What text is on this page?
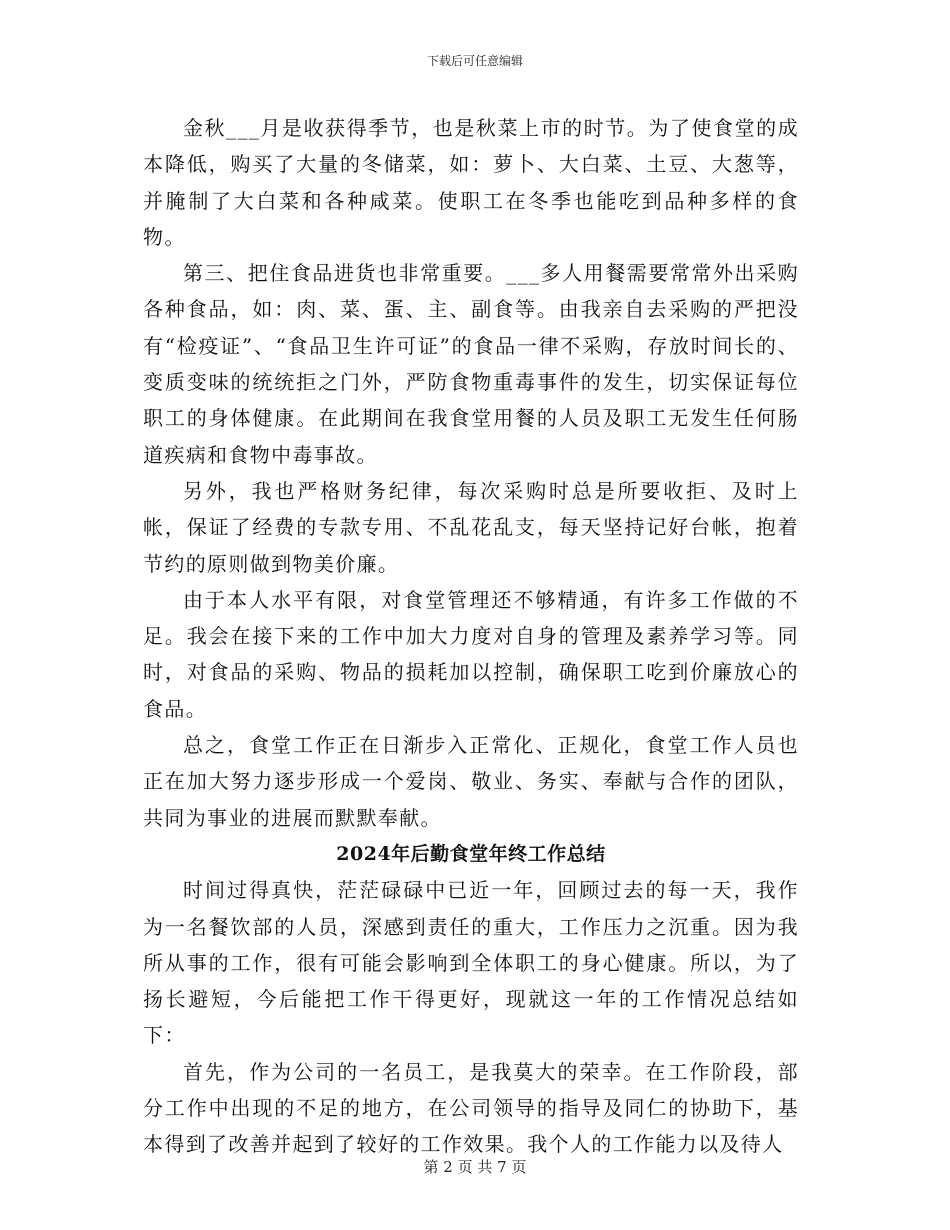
下载后可任意编辑

金秋___月是收获得季节，也是秋菜上市的时节。为了使食堂的成本降低，购买了大量的冬储菜，如：萝卜、大白菜、土豆、大葱等，并腌制了大白菜和各种咸菜。使职工在冬季也能吃到品种多样的食物。

第三、把住食品进货也非常重要。___多人用餐需要常常外出采购各种食品，如：肉、菜、蛋、主、副食等。由我亲自去采购的严把没有“检疫证”、“食品卫生许可证”的食品一律不采购，存放时间长的、变质变味的统统拒之门外，严防食物重毒事件的发生，切实保证每位职工的身体健康。在此期间在我食堂用餐的人员及职工无发生任何肠道疾病和食物中毒事故。

另外，我也严格财务纪律，每次采购时总是所要收拒、及时上帐，保证了经费的专款专用、不乱花乱支，每天坚持记好台帐，抱着节约的原则做到物美价廉。

由于本人水平有限，对食堂管理还不够精通，有许多工作做的不足。我会在接下来的工作中加大力度对自身的管理及素养学习等。同时，对食品的采购、物品的损耗加以控制，确保职工吃到价廉放心的食品。

总之，食堂工作正在日渐步入正常化、正规化，食堂工作人员也正在加大努力逐步形成一个爱岗、敬业、务实、奉献与合作的团队，共同为事业的进展而默默奉献。

2024年后勤食堂年终工作总结

时间过得真快，茫茫碌碌中已近一年，回顾过去的每一天，我作为一名餐饮部的人员，深感到责任的重大，工作压力之沉重。因为我所从事的工作，很有可能会影响到全体职工的身心健康。所以，为了扬长避短，今后能把工作干得更好，现就这一年的工作情况总结如下：

首先，作为公司的一名员工，是我莫大的荣幸。在工作阶段，部分工作中出现的不足的地方，在公司领导的指导及同仁的协助下，基本得到了改善并起到了较好的工作效果。我个人的工作能力以及待人

第 2 页 共 7 页
